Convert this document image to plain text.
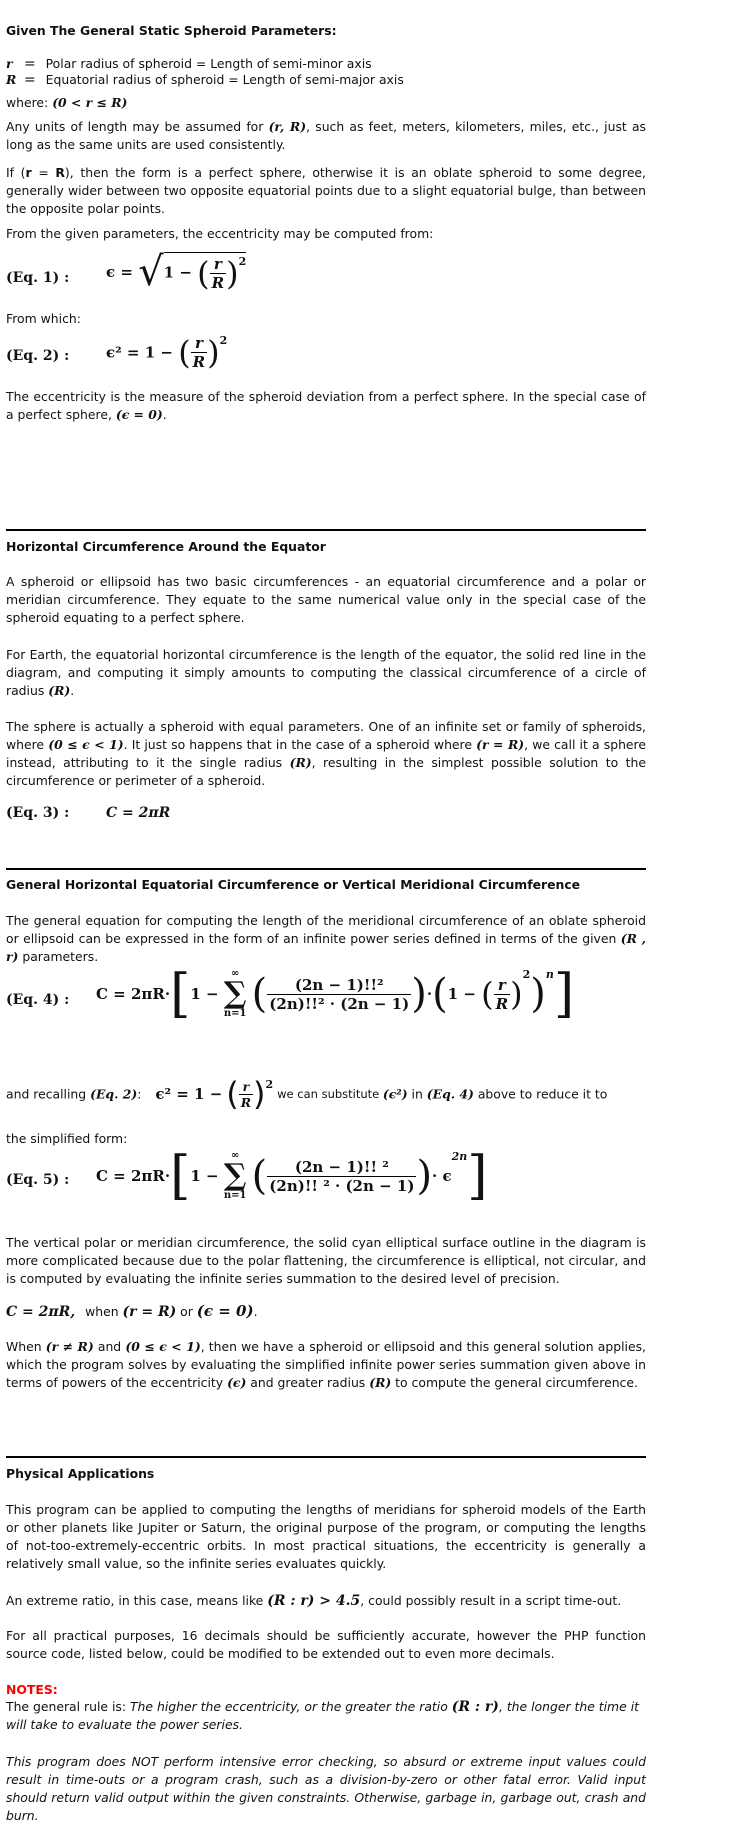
Given The General Static Spheroid Parameters:
r = Polar radius of spheroid = Length of semi-minor axis
R = Equatorial radius of spheroid = Length of semi-major axis
where: (0 < r ≤ R)

Any units of length may be assumed for (r, R), such as feet, meters, kilometers, miles, etc., just as long as the same units are used consistently.

If (r = R), then the form is a perfect sphere, otherwise it is an oblate spheroid to some degree, generally wider between two opposite equatorial points due to a slight equatorial bulge, than between the opposite polar points.

From the given parameters, the eccentricity may be computed from:

(Eq. 1) : ϵ = √1 − ( $\frac{r}{R} )^2$

From which:

(Eq. 2) : ϵ² = 1 − ( $\frac{r}{R} )^2$

The eccentricity is the measure of the spheroid deviation from a perfect sphere. In the special case of a perfect sphere, (ϵ = 0).

Horizontal Circumference Around the Equator

A spheroid or ellipsoid has two basic circumferences - an equatorial circumference and a polar or meridian circumference. They equate to the same numerical value only in the special case of the spheroid equating to a perfect sphere.

For Earth, the equatorial horizontal circumference is the length of the equator, the solid red line in the diagram, and computing it simply amounts to computing the classical circumference of a circle of radius (R).

The sphere is actually a spheroid with equal parameters. One of an infinite set or family of spheroids, where (0 ≤ ϵ < 1). It just so happens that in the case of a spheroid where (r = R), we call it a sphere instead, attributing to it the single radius (R), resulting in the simplest possible solution to the circumference or perimeter of a spheroid.

(Eq. 3) :	C = 2πR
General Horizontal Equatorial Circumference or Vertical Meridional Circumference

The general equation for computing the length of the meridional circumference of an oblate spheroid or ellipsoid can be expressed in the form of an infinite power series defined in terms of the given (R , r) parameters.

(Eq. 4) : C = 2πR·[1 −
∞
∑
n=1 ( $\frac{\text{(2n − 1)!!²}}{\text{(2n)!!² · (2n − 1)}} )\cdot(1$ − ( $\frac{r}{R} )^2)^n$]
and recalling (Eq. 2): ϵ² = 1 − ( $\frac{r}{R} )^2$ we can substitute (ϵ²) in (Eq. 4) above to reduce it to

the simplified form:

(Eq. 5) : C = 2πR·[1 −
∞
∑
n=1 ( $\frac{\text{(2n − 1)!! ²}}{\text{(2n)!! ² · (2n − 1)}}$ )· $\epsilon^{2n}$]

The vertical polar or meridian circumference, the solid cyan elliptical surface outline in the diagram is more complicated because due to the polar flattening, the circumference is elliptical, not circular, and is computed by evaluating the infinite series summation to the desired level of precision.

C = 2πR, when (r = R) or (ϵ = 0).

When (r ≠ R) and (0 ≤ ϵ < 1), then we have a spheroid or ellipsoid and this general solution applies, which the program solves by evaluating the simplified infinite power series summation given above in terms of powers of the eccentricity (ϵ) and greater radius (R) to compute the general circumference.

Physical Applications

This program can be applied to computing the lengths of meridians for spheroid models of the Earth or other planets like Jupiter or Saturn, the original purpose of the program, or computing the lengths of not-too-extremely-eccentric orbits. In most practical situations, the eccentricity is generally a relatively small value, so the infinite series evaluates quickly.

An extreme ratio, in this case, means like (R : r) > 4.5, could possibly result in a script time-out.

For all practical purposes, 16 decimals should be sufficiently accurate, however the PHP function source code, listed below, could be modified to be extended out to even more decimals.

NOTES:

The general rule is: The higher the eccentricity, or the greater the ratio (R : r), the longer the time it will take to evaluate the power series.

This program does NOT perform intensive error checking, so absurd or extreme input values could result in time-outs or a program crash, such as a division-by-zero or other fatal error. Valid input should return valid output within the given constraints. Otherwise, garbage in, garbage out, crash and burn.
